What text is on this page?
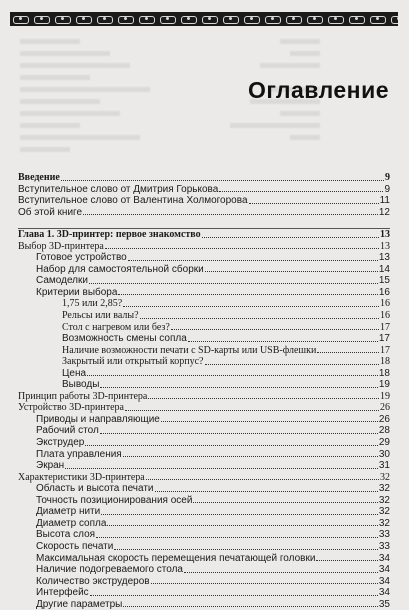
Оглавление
Введение	9
Вступительное слово от Дмитрия Горькова	9
Вступительное слово от Валентина Холмогорова	11
Об этой книге	12
Глава 1. 3D-принтер: первое знакомство	13
Выбор 3D-принтера	13
Готовое устройство	13
Набор для самостоятельной сборки	14
Самоделки	15
Критерии выбора	16
1,75 или 2,85?	16
Рельсы или валы?	16
Стол с нагревом или без?	17
Возможность смены сопла	17
Наличие возможности печати с SD-карты или USB-флешки	17
Закрытый или открытый корпус?	18
Цена	18
Выводы	19
Принцип работы 3D-принтера	19
Устройство 3D-принтера	26
Приводы и направляющие	26
Рабочий стол	28
Экструдер	29
Плата управления	30
Экран	31
Характеристики 3D-принтера	32
Область и высота печати	32
Точность позиционирования осей	32
Диаметр нити	32
Диаметр сопла	32
Высота слоя	33
Скорость печати	33
Максимальная скорость перемещения печатающей головки	34
Наличие подогреваемого стола	34
Количество экструдеров	34
Интерфейс	34
Другие параметры	35
